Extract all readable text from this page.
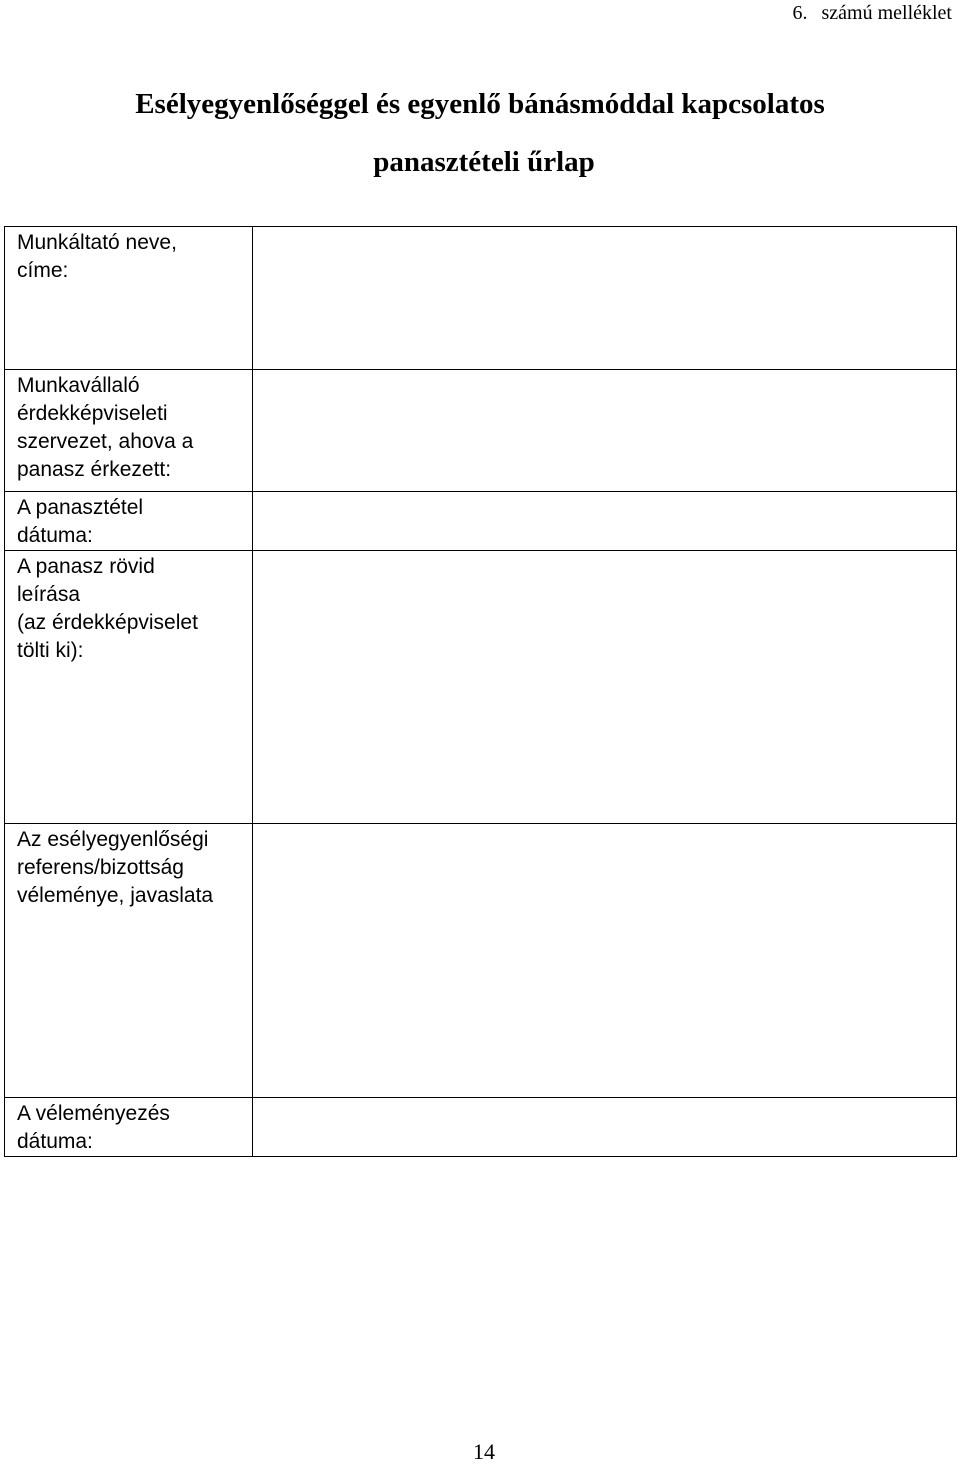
6. számú melléklet
Esélyegyenlőséggel és egyenlő bánásmóddal kapcsolatos
panasztételi űrlap
Munkáltató neve,
címe:	
Munkavállaló
érdekképviseleti
szervezet, ahova a
panasz érkezett:	
A panasztétel
dátuma:	
A panasz rövid
leírása
(az érdekképviselet
tölti ki):	
Az esélyegyenlőségi
referens/bizottság
véleménye, javaslata	
A véleményezés
dátuma:	
14
